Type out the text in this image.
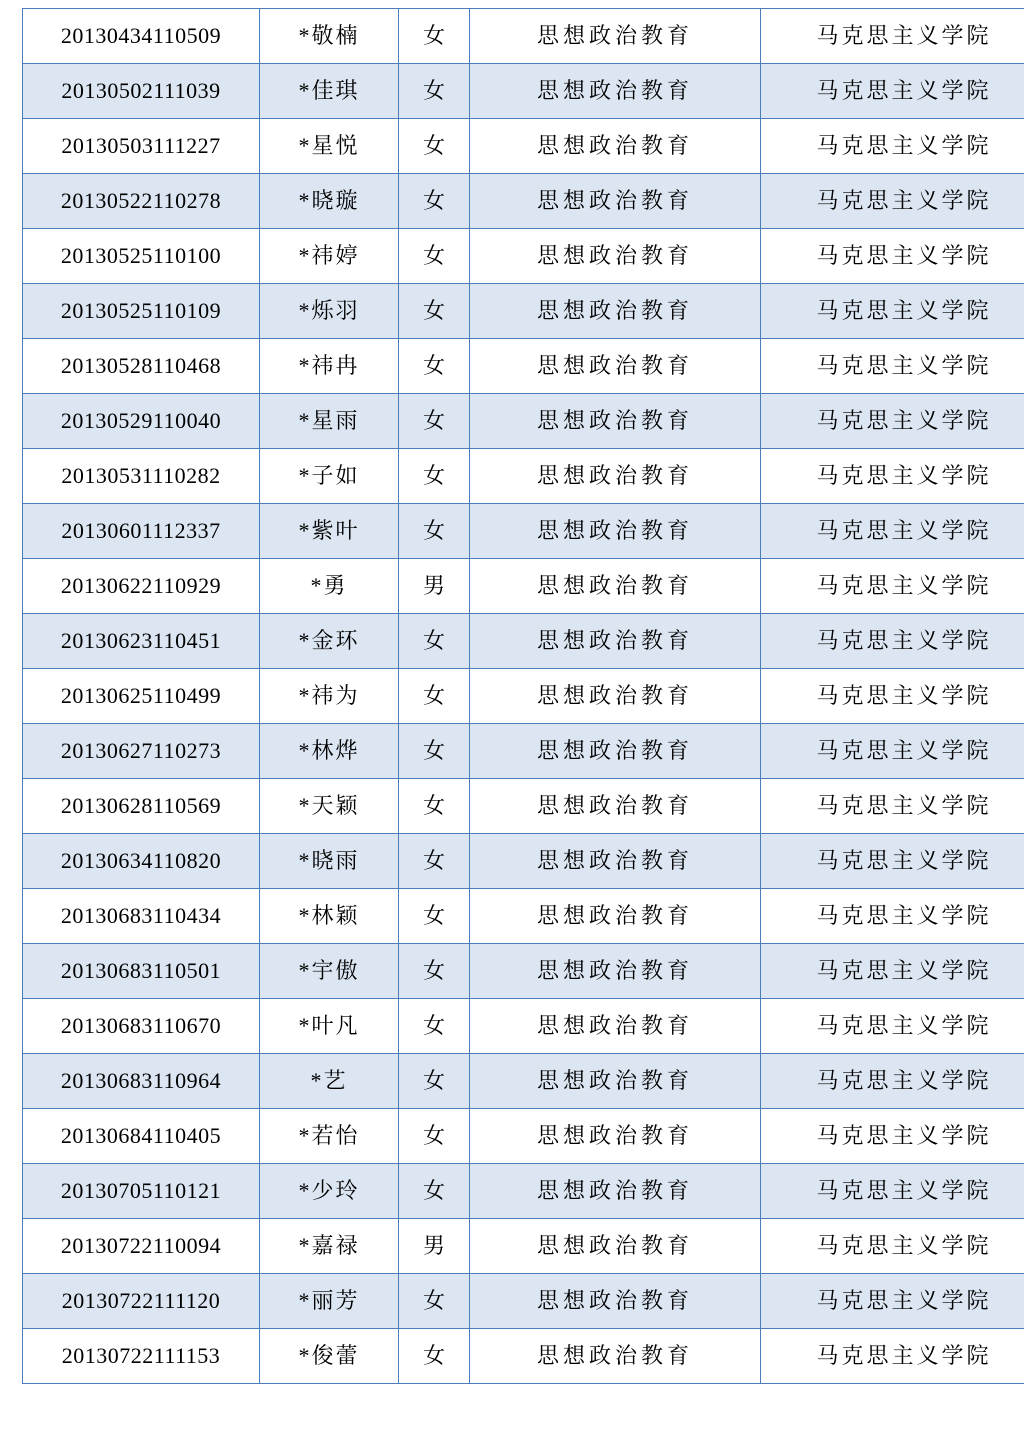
20130434110509	*敬楠	女	思想政治教育	马克思主义学院
20130502111039	*佳琪	女	思想政治教育	马克思主义学院
20130503111227	*星悦	女	思想政治教育	马克思主义学院
20130522110278	*晓璇	女	思想政治教育	马克思主义学院
20130525110100	*祎婷	女	思想政治教育	马克思主义学院
20130525110109	*烁羽	女	思想政治教育	马克思主义学院
20130528110468	*祎冉	女	思想政治教育	马克思主义学院
20130529110040	*星雨	女	思想政治教育	马克思主义学院
20130531110282	*子如	女	思想政治教育	马克思主义学院
20130601112337	*紫叶	女	思想政治教育	马克思主义学院
20130622110929	*勇	男	思想政治教育	马克思主义学院
20130623110451	*金环	女	思想政治教育	马克思主义学院
20130625110499	*祎为	女	思想政治教育	马克思主义学院
20130627110273	*林烨	女	思想政治教育	马克思主义学院
20130628110569	*天颖	女	思想政治教育	马克思主义学院
20130634110820	*晓雨	女	思想政治教育	马克思主义学院
20130683110434	*林颖	女	思想政治教育	马克思主义学院
20130683110501	*宇傲	女	思想政治教育	马克思主义学院
20130683110670	*叶凡	女	思想政治教育	马克思主义学院
20130683110964	*艺	女	思想政治教育	马克思主义学院
20130684110405	*若怡	女	思想政治教育	马克思主义学院
20130705110121	*少玲	女	思想政治教育	马克思主义学院
20130722110094	*嘉禄	男	思想政治教育	马克思主义学院
20130722111120	*丽芳	女	思想政治教育	马克思主义学院
20130722111153	*俊蕾	女	思想政治教育	马克思主义学院
